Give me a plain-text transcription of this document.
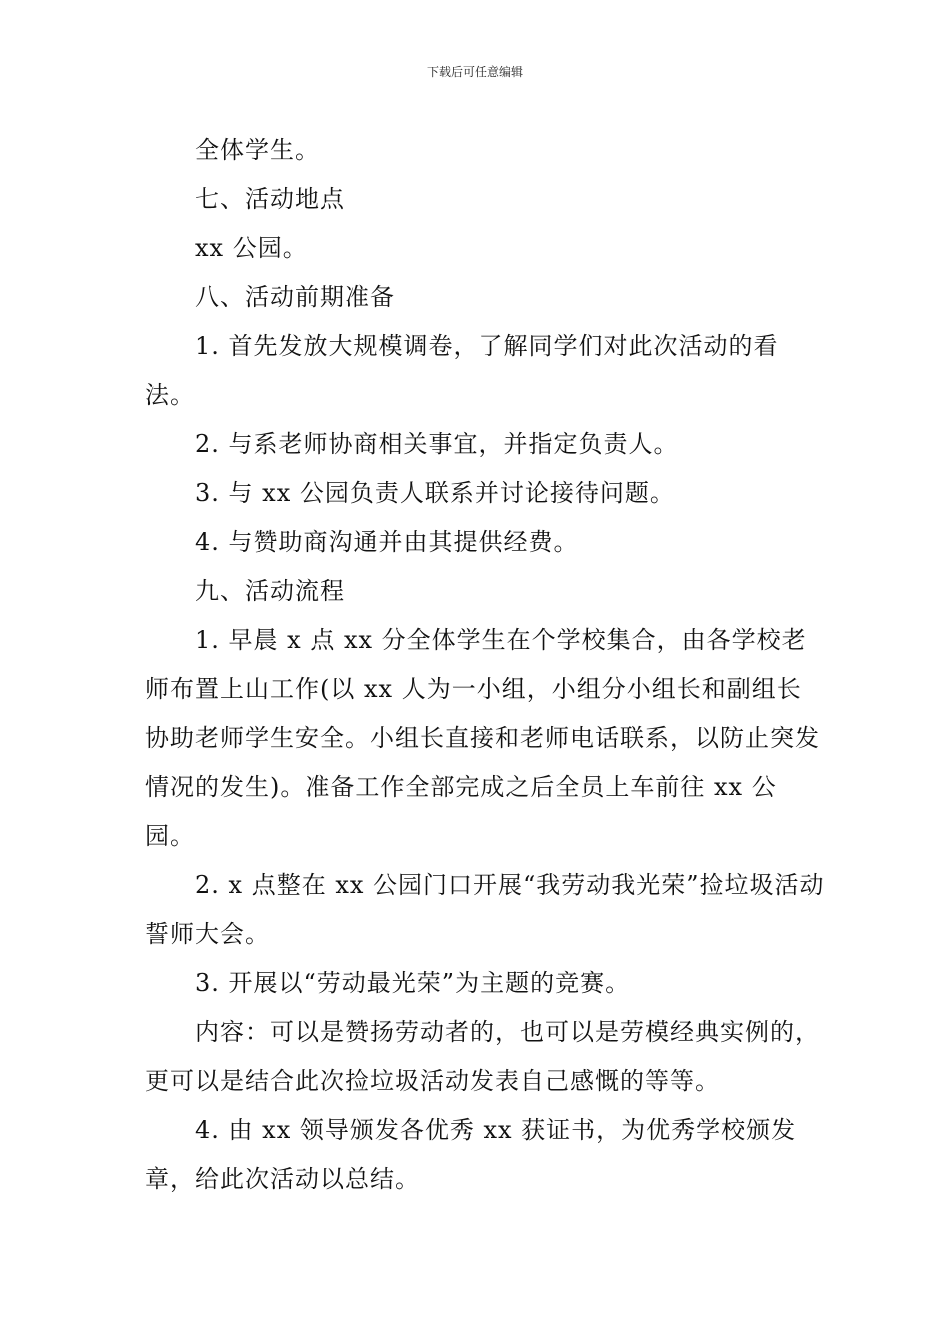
下载后可任意编辑

全体学生。

七、活动地点

xx 公园。

八、活动前期准备

1. 首先发放大规模调卷，了解同学们对此次活动的看法。

2. 与系老师协商相关事宜，并指定负责人。

3. 与 xx 公园负责人联系并讨论接待问题。

4. 与赞助商沟通并由其提供经费。

九、活动流程

1. 早晨 x 点 xx 分全体学生在个学校集合，由各学校老师布置上山工作(以 xx 人为一小组，小组分小组长和副组长协助老师学生安全。小组长直接和老师电话联系，以防止突发情况的发生)。准备工作全部完成之后全员上车前往 xx 公园。

2. x 点整在 xx 公园门口开展“我劳动我光荣”捡垃圾活动誓师大会。

3. 开展以“劳动最光荣”为主题的竞赛。

内容：可以是赞扬劳动者的，也可以是劳模经典实例的，更可以是结合此次捡垃圾活动发表自己感慨的等等。

4. 由 xx 领导颁发各优秀 xx 获证书，为优秀学校颁发章，给此次活动以总结。
